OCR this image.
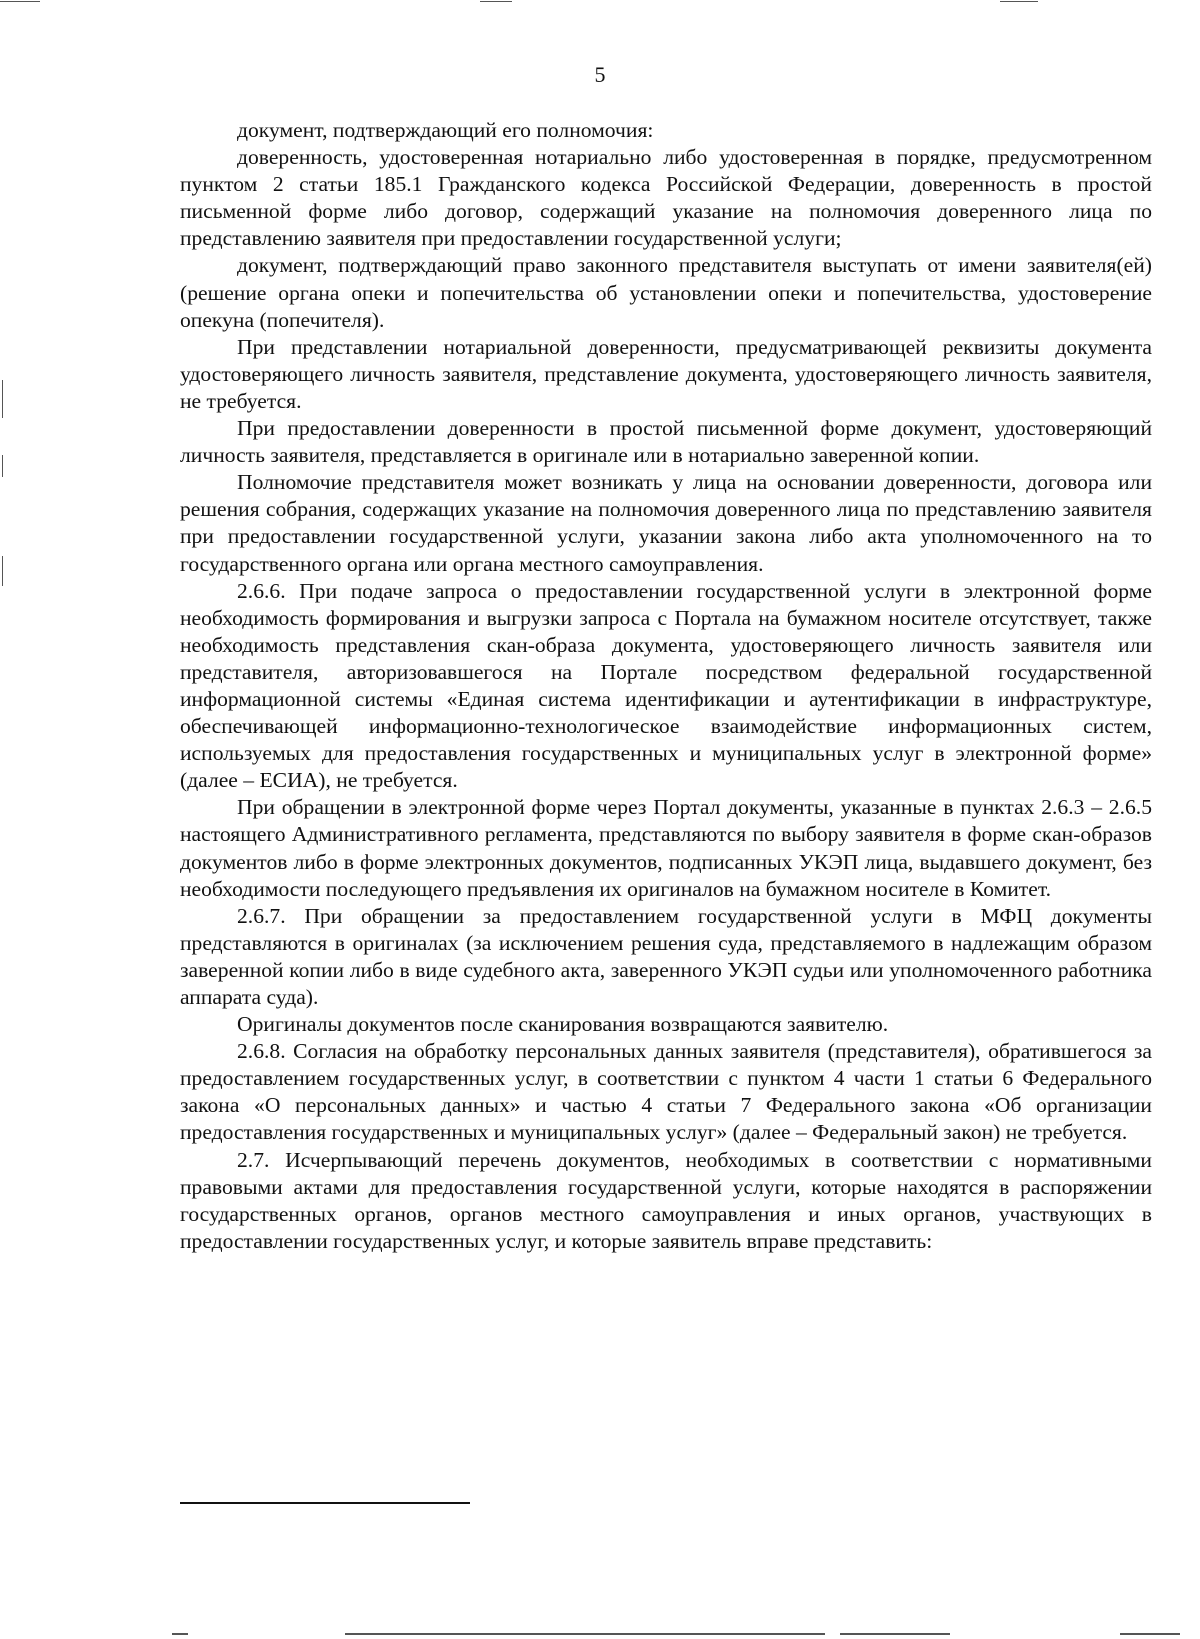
5

документ, подтверждающий его полномочия:

доверенность, удостоверенная нотариально либо удостоверенная в порядке, предусмотренном пунктом 2 статьи 185.1 Гражданского кодекса Российской Федерации, доверенность в простой письменной форме либо договор, содержащий указание на полномочия доверенного лица по представлению заявителя при предоставлении государственной услуги;

документ, подтверждающий право законного представителя выступать от имени заявителя(ей) (решение органа опеки и попечительства об установлении опеки и попечительства, удостоверение опекуна (попечителя).

При представлении нотариальной доверенности, предусматривающей реквизиты документа удостоверяющего личность заявителя, представление документа, удостоверяющего личность заявителя, не требуется.

При предоставлении доверенности в простой письменной форме документ, удостоверяющий личность заявителя, представляется в оригинале или в нотариально заверенной копии.

Полномочие представителя может возникать у лица на основании доверенности, договора или решения собрания, содержащих указание на полномочия доверенного лица по представлению заявителя при предоставлении государственной услуги, указании закона либо акта уполномоченного на то государственного органа или органа местного самоуправления.

2.6.6. При подаче запроса о предоставлении государственной услуги в электронной форме необходимость формирования и выгрузки запроса с Портала на бумажном носителе отсутствует, также необходимость представления скан-образа документа, удостоверяющего личность заявителя или представителя, авторизовавшегося на Портале посредством федеральной государственной информационной системы «Единая система идентификации и аутентификации в инфраструктуре, обеспечивающей информационно-технологическое взаимодействие информационных систем, используемых для предоставления государственных и муниципальных услуг в электронной форме» (далее – ЕСИА), не требуется.

При обращении в электронной форме через Портал документы, указанные в пунктах 2.6.3 – 2.6.5 настоящего Административного регламента, представляются по выбору заявителя в форме скан-образов документов либо в форме электронных документов, подписанных УКЭП лица, выдавшего документ, без необходимости последующего предъявления их оригиналов на бумажном носителе в Комитет.

2.6.7. При обращении за предоставлением государственной услуги в МФЦ документы представляются в оригиналах (за исключением решения суда, представляемого в надлежащим образом заверенной копии либо в виде судебного акта, заверенного УКЭП судьи или уполномоченного работника аппарата суда).

Оригиналы документов после сканирования возвращаются заявителю.

2.6.8. Согласия на обработку персональных данных заявителя (представителя), обратившегося за предоставлением государственных услуг, в соответствии с пунктом 4 части 1 статьи 6 Федерального закона «О персональных данных» и частью 4 статьи 7 Федерального закона «Об организации предоставления государственных и муниципальных услуг» (далее – Федеральный закон) не требуется.

2.7. Исчерпывающий перечень документов, необходимых в соответствии с нормативными правовыми актами для предоставления государственной услуги, которые находятся в распоряжении государственных органов, органов местного самоуправления и иных органов, участвующих в предоставлении государственных услуг, и которые заявитель вправе представить:
